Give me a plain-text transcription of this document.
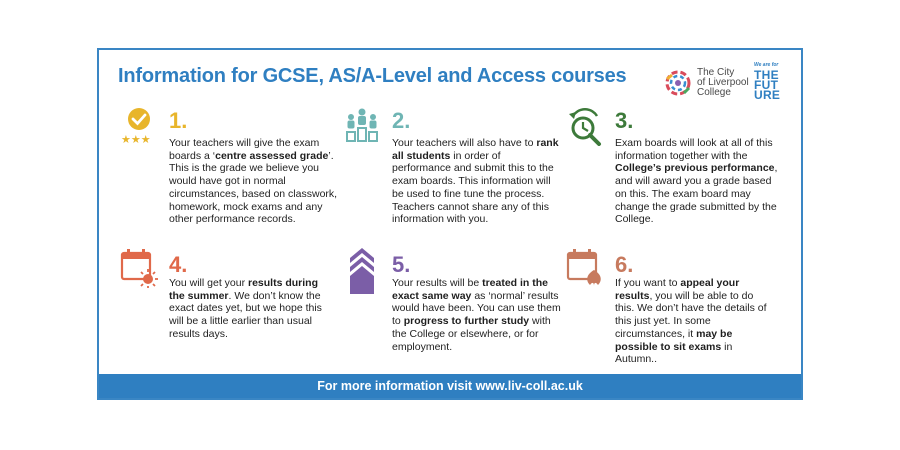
Information for GCSE, AS/A-Level and Access courses	The City
of Liverpool
College
We are for
THE
FUT
URE
★★★
1.
Your teachers will give the exam boards a ‘centre assessed grade’. This is the grade we believe you would have got in normal circumstances, based on classwork, homework, mock exams and any other performance records.
2.
Your teachers will also have to rank all students in order of performance and submit this to the exam boards. This information will be used to fine tune the process. Teachers cannot share any of this information with you.
3.
Exam boards will look at all of this information together with the College’s previous performance, and will award you a grade based on this. The exam board may change the grade submitted by the College.
4.
You will get your results during the summer. We don’t know the exact dates yet, but we hope this will be a little earlier than usual results days.
5.
Your results will be treated in the exact same way as ‘normal’ results would have been. You can use them to progress to further study with the College or elsewhere, or for employment.
6.
If you want to appeal your results, you will be able to do this. We don’t have the details of this just yet. In some circumstances, it may be possible to sit exams in Autumn..
For more information visit www.liv-coll.ac.uk
